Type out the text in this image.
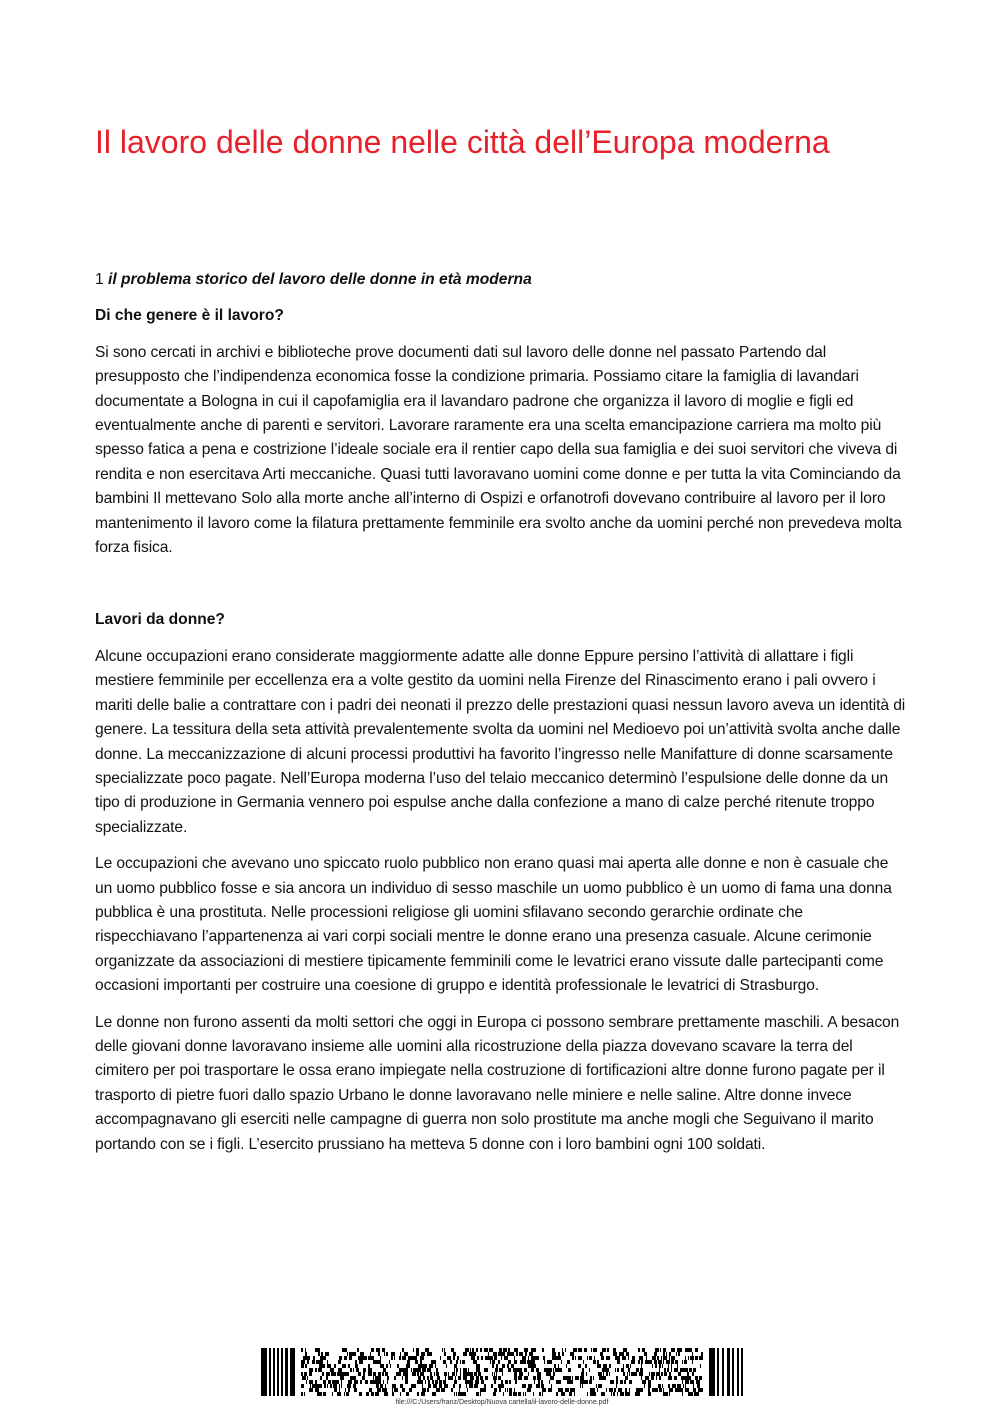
Il lavoro delle donne nelle città dell’Europa moderna

1 il problema storico del lavoro delle donne in età moderna

Di che genere è il lavoro?

Si sono cercati in archivi e biblioteche prove documenti dati sul lavoro delle donne nel passato Partendo dal presupposto che l’indipendenza economica fosse la condizione primaria. Possiamo citare la famiglia di lavandari documentate a Bologna in cui il capofamiglia era il lavandaro padrone che organizza il lavoro di moglie e figli ed eventualmente anche di parenti e servitori. Lavorare raramente era una scelta emancipazione carriera ma molto più spesso fatica a pena e costrizione l’ideale sociale era il rentier capo della sua famiglia e dei suoi servitori che viveva di rendita e non esercitava Arti meccaniche. Quasi tutti lavoravano uomini come donne e per tutta la vita Cominciando da bambini Il mettevano Solo alla morte anche all’interno di Ospizi e orfanotrofi dovevano contribuire al lavoro per il loro mantenimento il lavoro come la filatura prettamente femminile era svolto anche da uomini perché non prevedeva molta forza fisica.

Lavori da donne?

Alcune occupazioni erano considerate maggiormente adatte alle donne Eppure persino l’attività di allattare i figli mestiere femminile per eccellenza era a volte gestito da uomini nella Firenze del Rinascimento erano i pali ovvero i mariti delle balie a contrattare con i padri dei neonati il prezzo delle prestazioni quasi nessun lavoro aveva un identità di genere. La tessitura della seta attività prevalentemente svolta da uomini nel Medioevo poi un’attività svolta anche dalle donne. La meccanizzazione di alcuni processi produttivi ha favorito l’ingresso nelle Manifatture di donne scarsamente specializzate poco pagate. Nell’Europa moderna l’uso del telaio meccanico determinò l’espulsione delle donne da un tipo di produzione in Germania vennero poi espulse anche dalla confezione a mano di calze perché ritenute troppo specializzate.

Le occupazioni che avevano uno spiccato ruolo pubblico non erano quasi mai aperta alle donne e non è casuale che un uomo pubblico fosse e sia ancora un individuo di sesso maschile un uomo pubblico è un uomo di fama una donna pubblica è una prostituta. Nelle processioni religiose gli uomini sfilavano secondo gerarchie ordinate che rispecchiavano l’appartenenza ai vari corpi sociali mentre le donne erano una presenza casuale. Alcune cerimonie organizzate da associazioni di mestiere tipicamente femminili come le levatrici erano vissute dalle partecipanti come occasioni importanti per costruire una coesione di gruppo e identità professionale le levatrici di Strasburgo.

Le donne non furono assenti da molti settori che oggi in Europa ci possono sembrare prettamente maschili. A besacon delle giovani donne lavoravano insieme alle uomini alla ricostruzione della piazza dovevano scavare la terra del cimitero per poi trasportare le ossa erano impiegate nella costruzione di fortificazioni altre donne furono pagate per il trasporto di pietre fuori dallo spazio Urbano le donne lavoravano nelle miniere e nelle saline. Altre donne invece accompagnavano gli eserciti nelle campagne di guerra non solo prostitute ma anche mogli che Seguivano il marito portando con se i figli. L’esercito prussiano ha metteva 5 donne con i loro bambini ogni 100 soldati.

file:///C:/Users/franz/Desktop/Nuova cartella/il-lavoro-delle-donne.pdf
